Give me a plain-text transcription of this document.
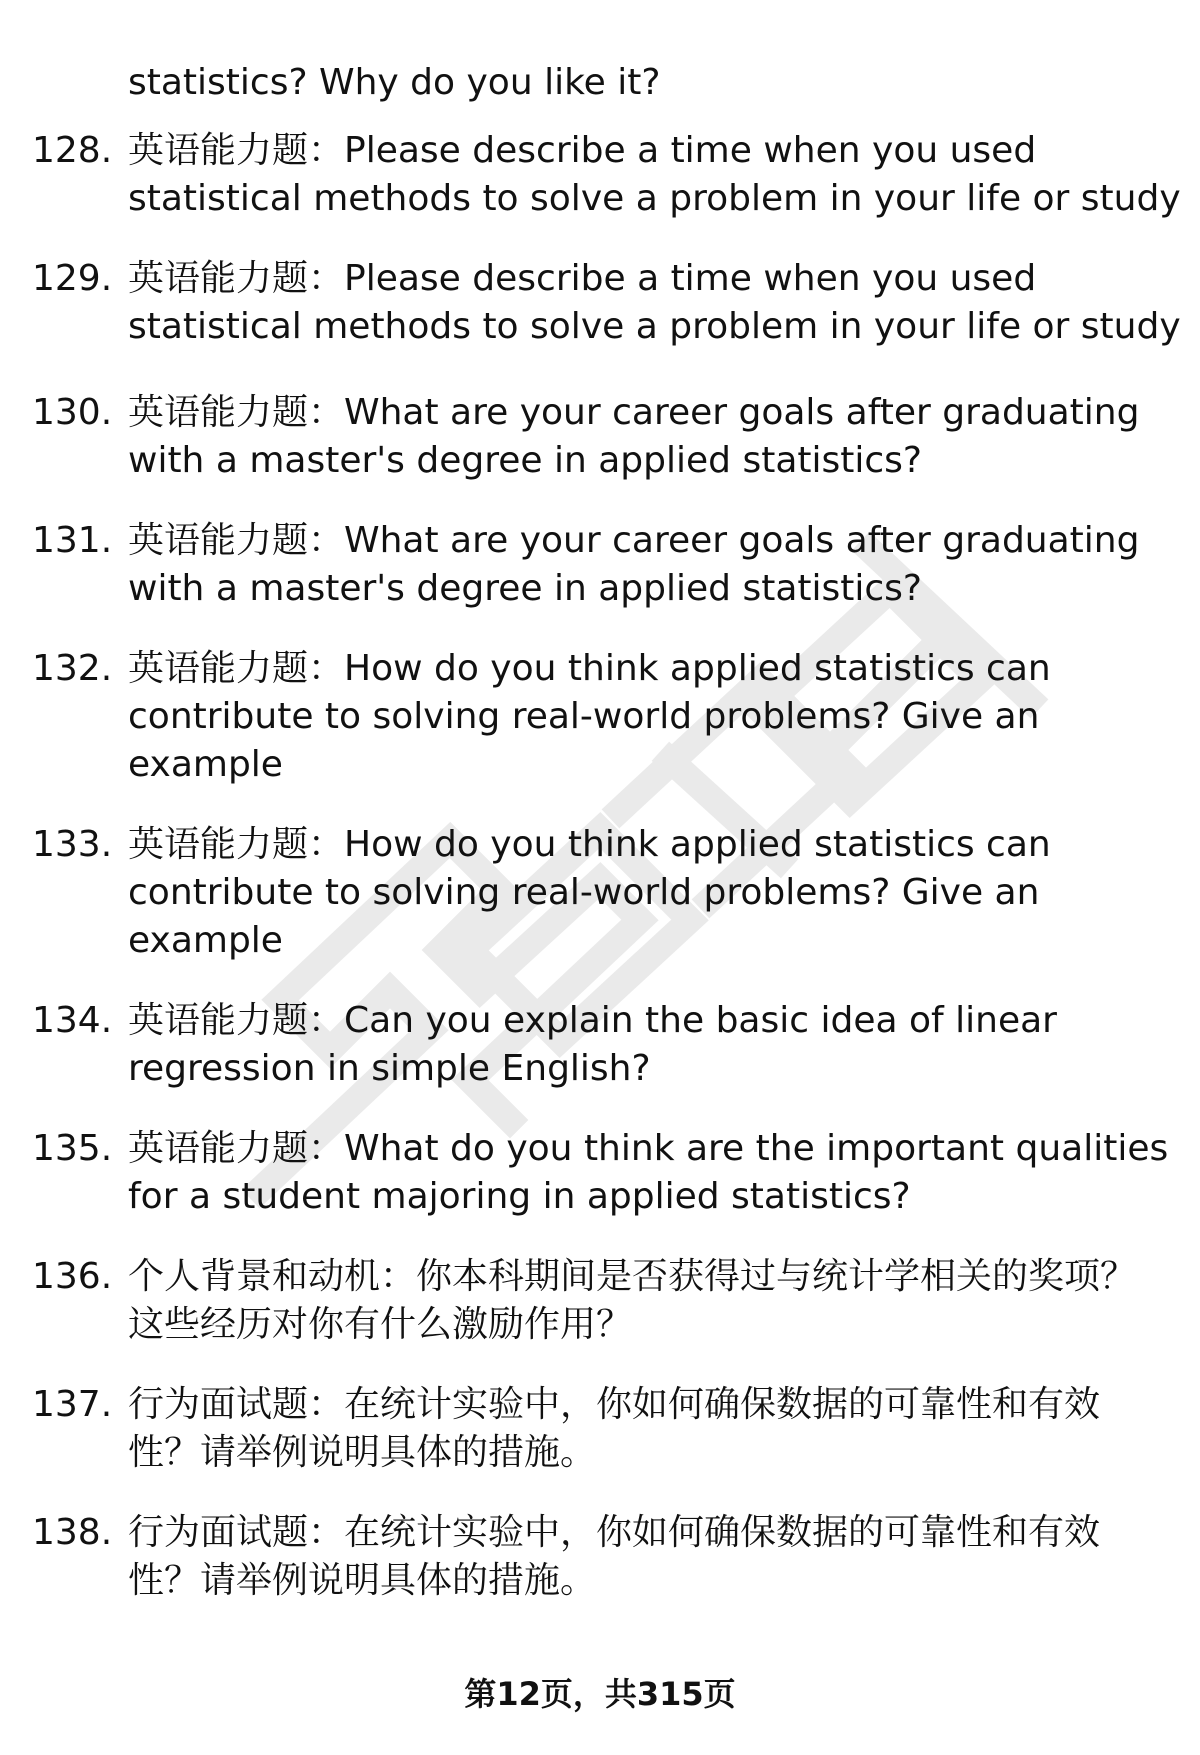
statistics? Why do you like it?
128. 英语能力题：Please describe a time when you used
statistical methods to solve a problem in your life or study
129. 英语能力题：Please describe a time when you used
statistical methods to solve a problem in your life or study
130. 英语能力题：What are your career goals after graduating
with a master's degree in applied statistics?
131. 英语能力题：What are your career goals after graduating
with a master's degree in applied statistics?
132. 英语能力题：How do you think applied statistics can
contribute to solving real-world problems? Give an
example
133. 英语能力题：How do you think applied statistics can
contribute to solving real-world problems? Give an
example
134. 英语能力题：Can you explain the basic idea of linear
regression in simple English?
135. 英语能力题：What do you think are the important qualities
for a student majoring in applied statistics?
136. 个人背景和动机：你本科期间是否获得过与统计学相关的奖项？
这些经历对你有什么激励作用？
137. 行为面试题：在统计实验中，你如何确保数据的可靠性和有效
性？请举例说明具体的措施。
138. 行为面试题：在统计实验中，你如何确保数据的可靠性和有效
性？请举例说明具体的措施。
第12页，共315页
